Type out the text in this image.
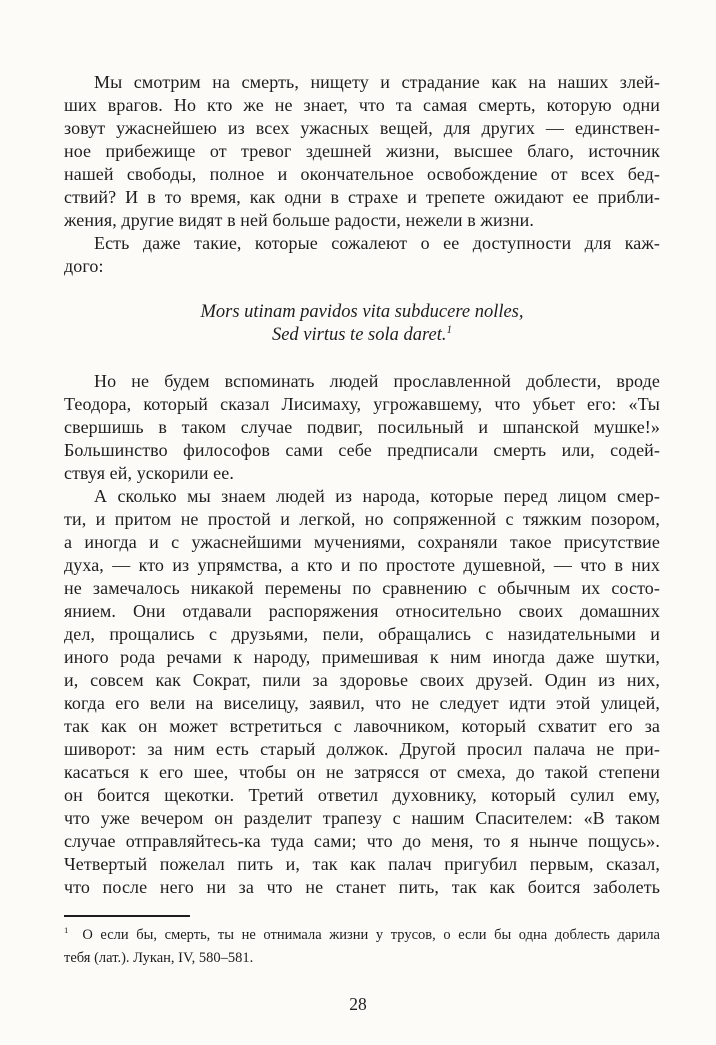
Мы смотрим на смерть, нищету и страдание как на наших злей-
ших врагов. Но кто же не знает, что та самая смерть, которую одни
зовут ужаснейшею из всех ужасных вещей, для других — единствен-
ное прибежище от тревог здешней жизни, высшее благо, источник
нашей свободы, полное и окончательное освобождение от всех бед-
ствий? И в то время, как одни в страхе и трепете ожидают ее прибли-
жения, другие видят в ней больше радости, нежели в жизни.
Есть даже такие, которые сожалеют о ее доступности для каж-
дого:
Mors utinam pavidos vita subducere nolles,
Sed virtus te sola daret.$^1$
Но не будем вспоминать людей прославленной доблести, вроде
Теодора, который сказал Лисимаху, угрожавшему, что убьет его: «Ты
свершишь в таком случае подвиг, посильный и шпанской мушке!»
Большинство философов сами себе предписали смерть или, содей-
ствуя ей, ускорили ее.
А сколько мы знаем людей из народа, которые перед лицом смер-
ти, и притом не простой и легкой, но сопряженной с тяжким позором,
а иногда и с ужаснейшими мучениями, сохраняли такое присутствие
духа, — кто из упрямства, а кто и по простоте душевной, — что в них
не замечалось никакой перемены по сравнению с обычным их состо-
янием. Они отдавали распоряжения относительно своих домашних
дел, прощались с друзьями, пели, обращались с назидательными и
иного рода речами к народу, примешивая к ним иногда даже шутки,
и, совсем как Сократ, пили за здоровье своих друзей. Один из них,
когда его вели на виселицу, заявил, что не следует идти этой улицей,
так как он может встретиться с лавочником, который схватит его за
шиворот: за ним есть старый должок. Другой просил палача не при-
касаться к его шее, чтобы он не затрясся от смеха, до такой степени
он боится щекотки. Третий ответил духовнику, который сулил ему,
что уже вечером он разделит трапезу с нашим Спасителем: «В таком
случае отправляйтесь-ка туда сами; что до меня, то я нынче пощусь».
Четвертый пожелал пить и, так как палач пригубил первым, сказал,
что после него ни за что не станет пить, так как боится заболеть
$^1$ О если бы, смерть, ты не отнимала жизни у трусов, о если бы одна доблесть дарила
тебя (лат.). Лукан, IV, 580–581.
28
